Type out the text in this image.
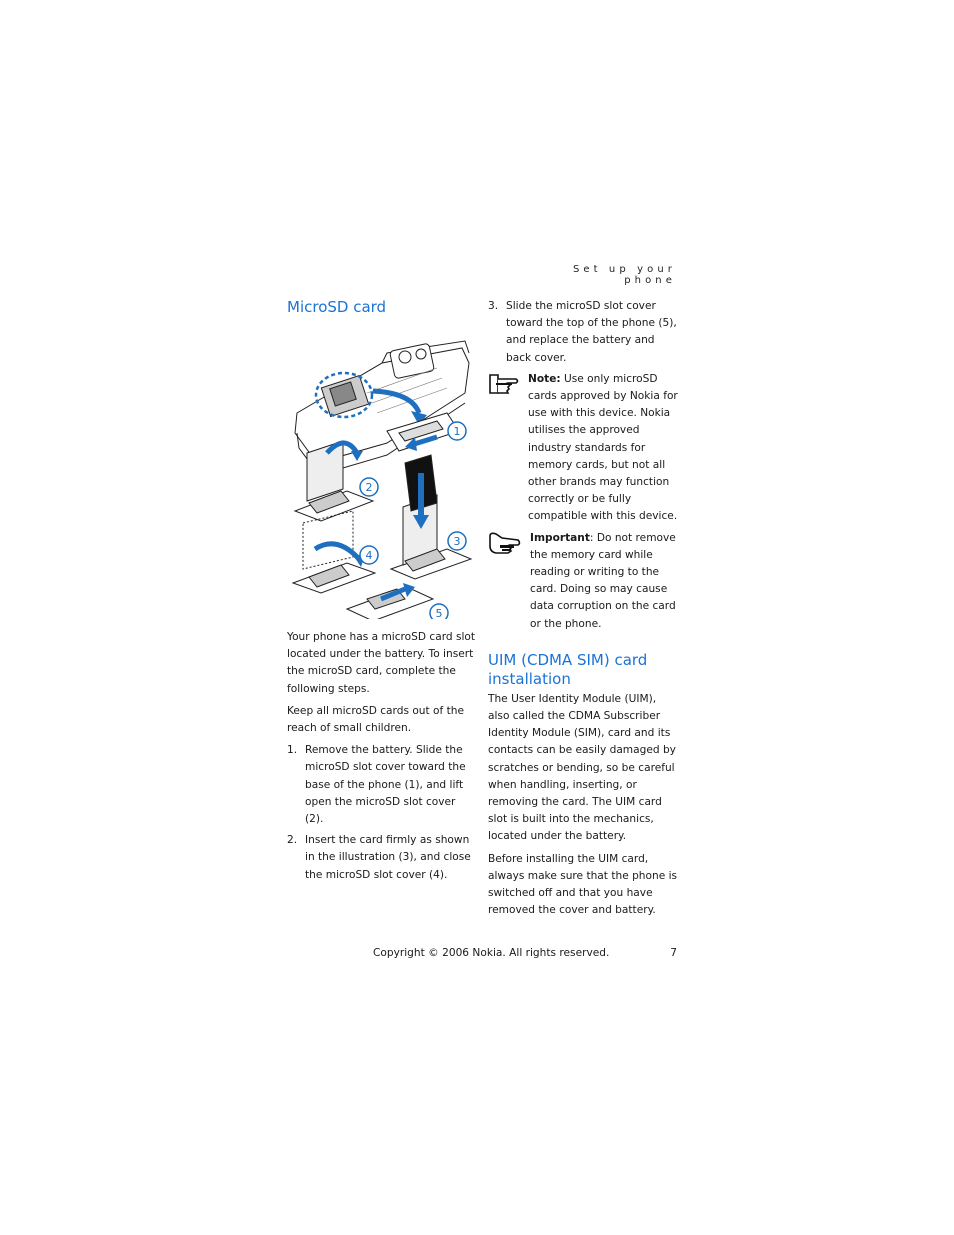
Set up your phone
MicroSD card
1
2
3
4
5

Your phone has a microSD card slot located under the battery. To insert the microSD card, complete the following steps.

Keep all microSD cards out of the reach of small children.

1. Remove the battery. Slide the microSD slot cover toward the base of the phone (1), and lift open the microSD slot cover (2).
2. Insert the card firmly as shown in the illustration (3), and close the microSD slot cover (4).
3. Slide the microSD slot cover toward the top of the phone (5), and replace the battery and back cover.
Note: Use only microSD cards approved by Nokia for use with this device. Nokia utilises the approved industry standards for memory cards, but not all other brands may function correctly or be fully compatible with this device.
Important: Do not remove the memory card while reading or writing to the card. Doing so may cause data corruption on the card or the phone.
UIM (CDMA SIM) card installation

The User Identity Module (UIM), also called the CDMA Subscriber Identity Module (SIM), card and its contacts can be easily damaged by scratches or bending, so be careful when handling, inserting, or removing the card. The UIM card slot is built into the mechanics, located under the battery.

Before installing the UIM card, always make sure that the phone is switched off and that you have removed the cover and battery.

Copyright © 2006 Nokia. All rights reserved.	7
